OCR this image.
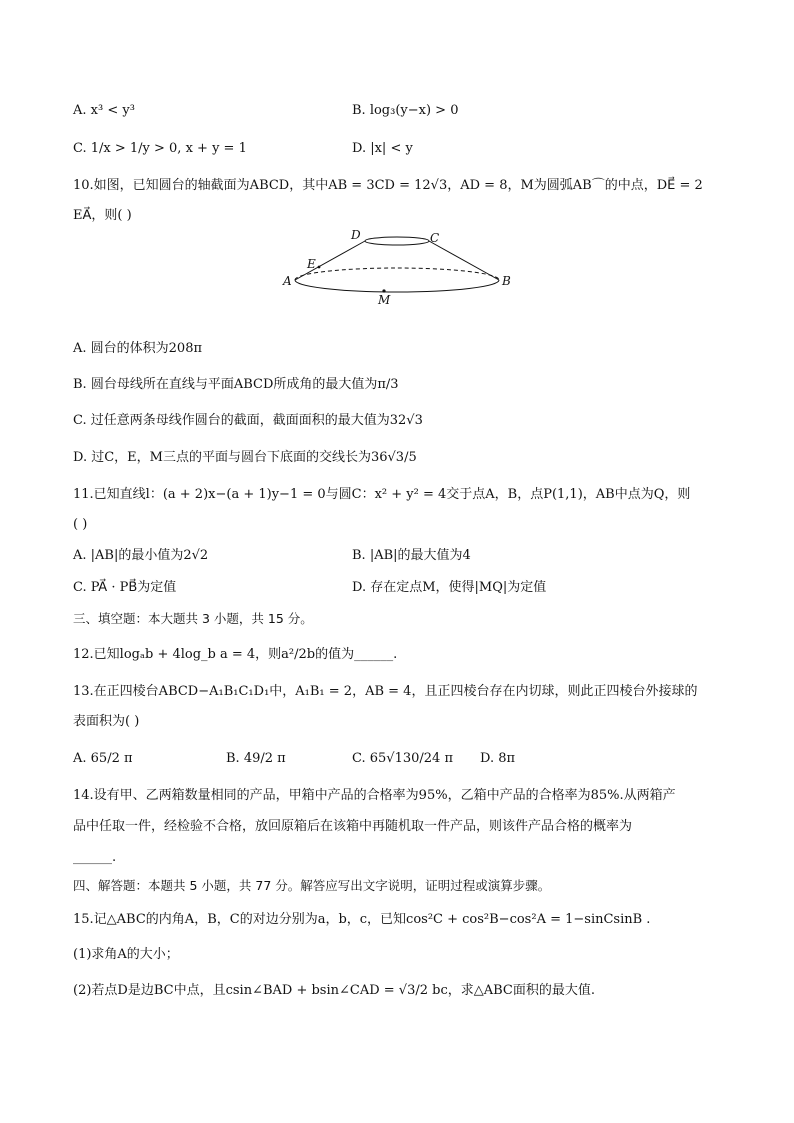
A. x³ < y³	B. log₃(y−x) > 0
C. 1/x > 1/y > 0, x + y = 1	D. |x| < y
10.如图，已知圆台的轴截面为ABCD，其中AB = 3CD = 12√3，AD = 8，M为圆弧AB⌒的中点，DE⃗ = 2
EA⃗，则( )
D	C
E
A	B
M
A. 圆台的体积为208π
B. 圆台母线所在直线与平面ABCD所成角的最大值为π/3
C. 过任意两条母线作圆台的截面，截面面积的最大值为32√3
D. 过C，E，M三点的平面与圆台下底面的交线长为36√3/5
11.已知直线l：(a + 2)x−(a + 1)y−1 = 0与圆C：x² + y² = 4交于点A，B，点P(1,1)，AB中点为Q，则
( )
A. |AB|的最小值为2√2	B. |AB|的最大值为4
C. PA⃗ · PB⃗为定值	D. 存在定点M，使得|MQ|为定值
三、填空题：本大题共 3 小题，共 15 分。
12.已知logₐb + 4log_b a = 4，则a²/2b的值为______.
13.在正四棱台ABCD−A₁B₁C₁D₁中，A₁B₁ = 2，AB = 4，且正四棱台存在内切球，则此正四棱台外接球的
表面积为( )
A. 65/2 π	B. 49/2 π	C. 65√130/24 π D. 8π
14.设有甲、乙两箱数量相同的产品，甲箱中产品的合格率为95%，乙箱中产品的合格率为85%.从两箱产
品中任取一件，经检验不合格，放回原箱后在该箱中再随机取一件产品，则该件产品合格的概率为
______.
四、解答题：本题共 5 小题，共 77 分。解答应写出文字说明，证明过程或演算步骤。
15.记△ABC的内角A，B，C的对边分别为a，b，c，已知cos²C + cos²B−cos²A = 1−sinCsinB .
(1)求角A的大小；
(2)若点D是边BC中点，且csin∠BAD + bsin∠CAD = √3/2 bc，求△ABC面积的最大值.
